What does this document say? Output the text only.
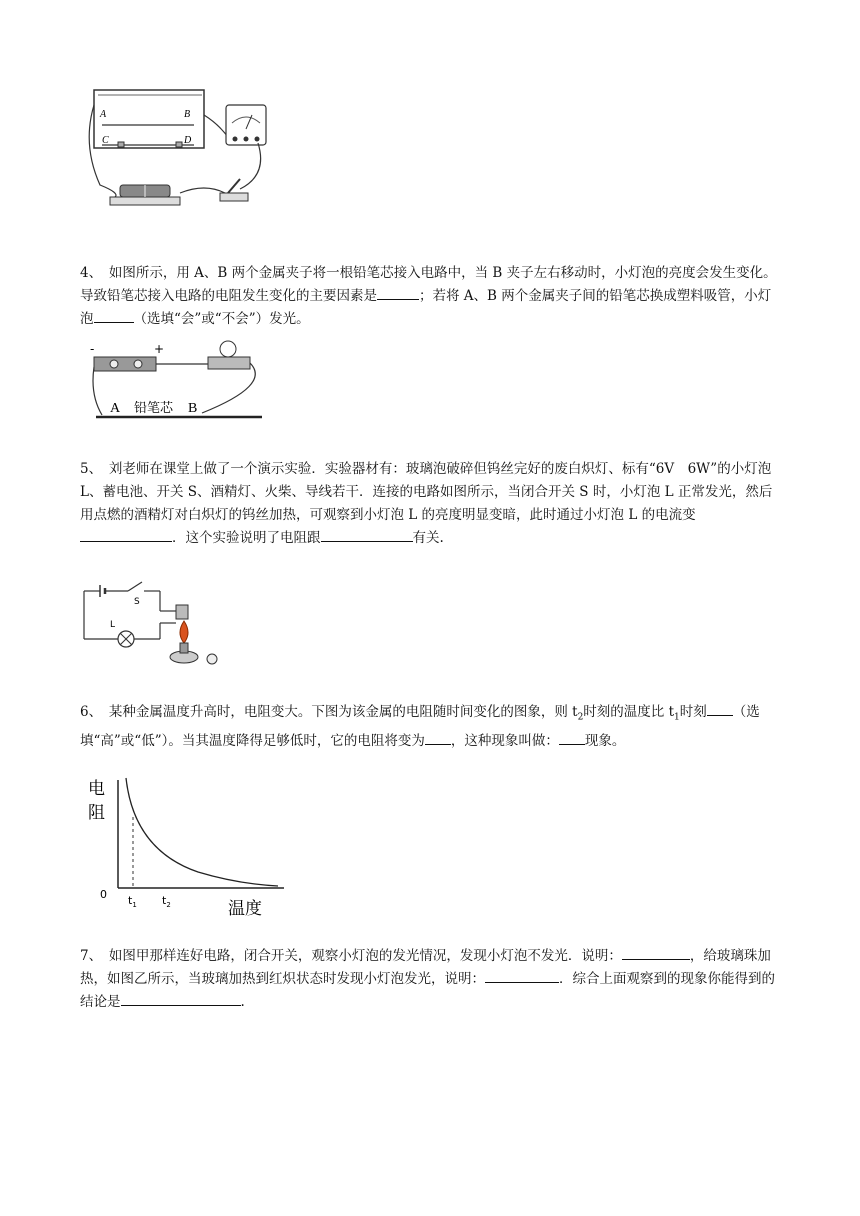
A	B
C	D

4、　 如图所示，用 A、B 两个金属夹子将一根铅笔芯接入电路中，当 B 夹子左右移动时，小灯泡的亮度会发生变化。导致铅笔芯接入电路的电阻发生变化的主要因素是	；若将 A、B 两个金属夹子间的铅笔芯换成塑料吸管，小灯泡	（选填“会”或“不会”）发光。

-	+
A 铅笔芯 B

5、　 刘老师在课堂上做了一个演示实验．实验器材有：玻璃泡破碎但钨丝完好的废白炽灯、标有“6V　6W”的小灯泡 L、蓄电池、开关 S、酒精灯、火柴、导线若干．连接的电路如图所示，当闭合开关 S 时，小灯泡 L 正常发光，然后用点燃的酒精灯对白炽灯的钨丝加热，可观察到小灯泡 L 的亮度明显变暗，此时通过小灯泡 L 的电流变．这个实验说明了电阻跟	有关.

S
L

6、　 某种金属温度升高时，电阻变大。下图为该金属的电阻随时间变化的图象，则 $t_2$时刻的温度比 $t_1$时刻 （选填“高”或“低”）。当其温度降得足够低时，它的电阻将变为 ，这种现象叫做： 现象。

电
阻
0 $t_1$ $t_2$	温度

7、　 如图甲那样连好电路，闭合开关，观察小灯泡的发光情况，发现小灯泡不发光．说明：	，给玻璃珠加热，如图乙所示，当玻璃加热到红炽状态时发现小灯泡发光，说明：	．综合上面观察到的现象你能得到的结论是	.
